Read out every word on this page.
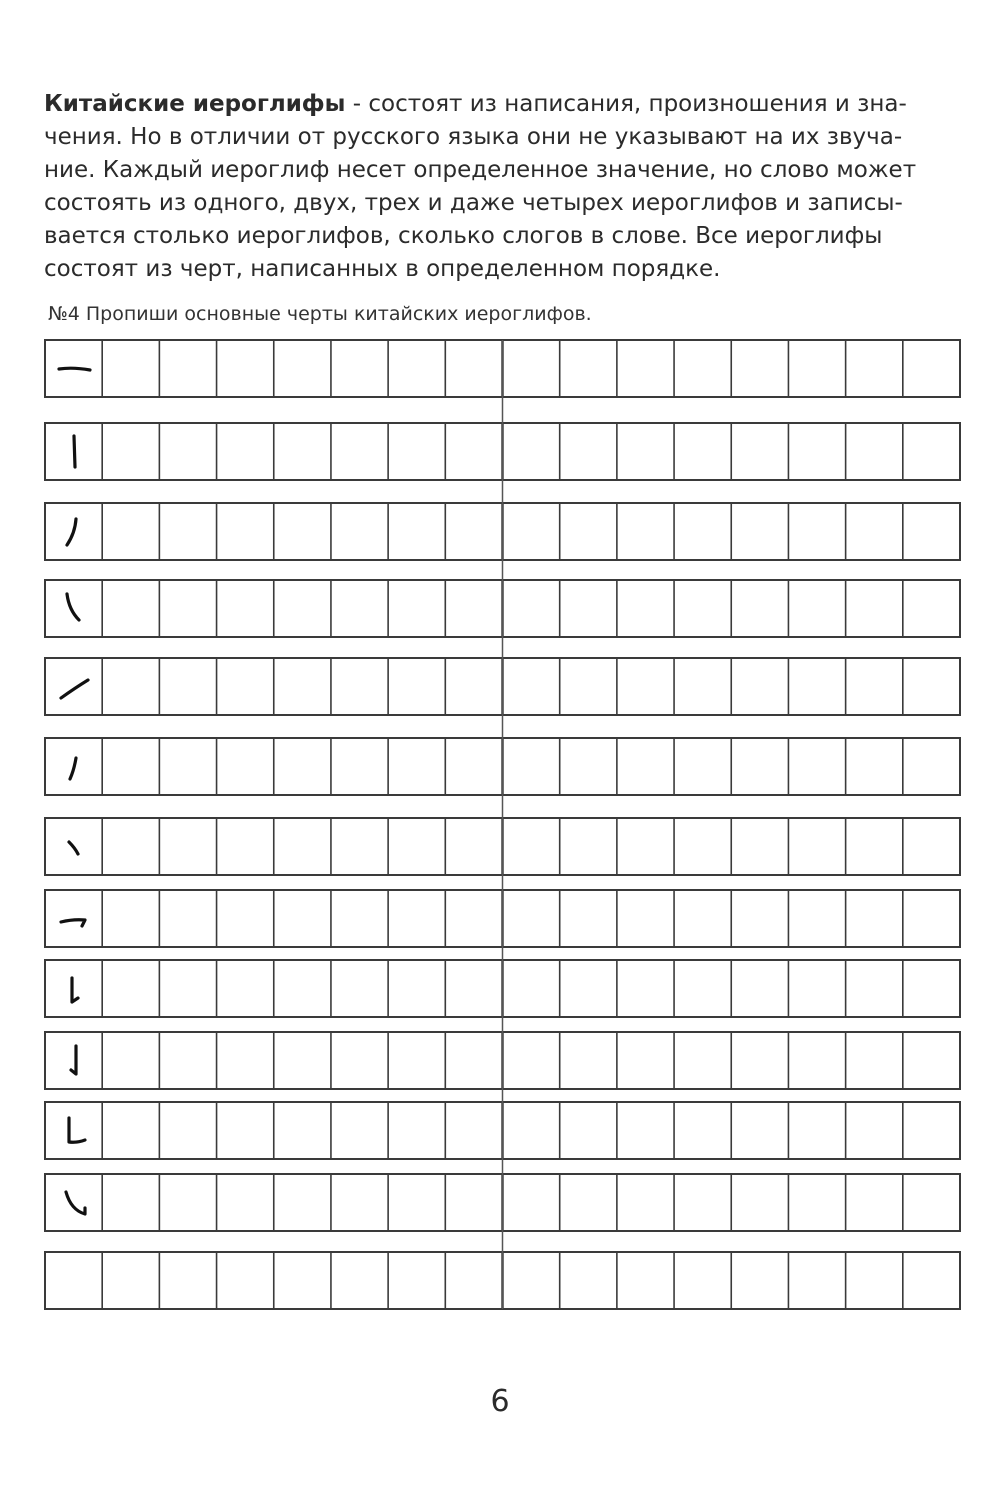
Китайские иероглифы - состоят из написания, произношения и зна-
чения. Но в отличии от русского языка они не указывают на их звуча-
ние. Каждый иероглиф несет определенное значение, но слово может
состоять из одного, двух, трех и даже четырех иероглифов и записы-
вается столько иероглифов, сколько слогов в слове. Все иероглифы
состоят из черт, написанных в определенном порядке.

№4 Пропиши основные черты китайских иероглифов.
6
